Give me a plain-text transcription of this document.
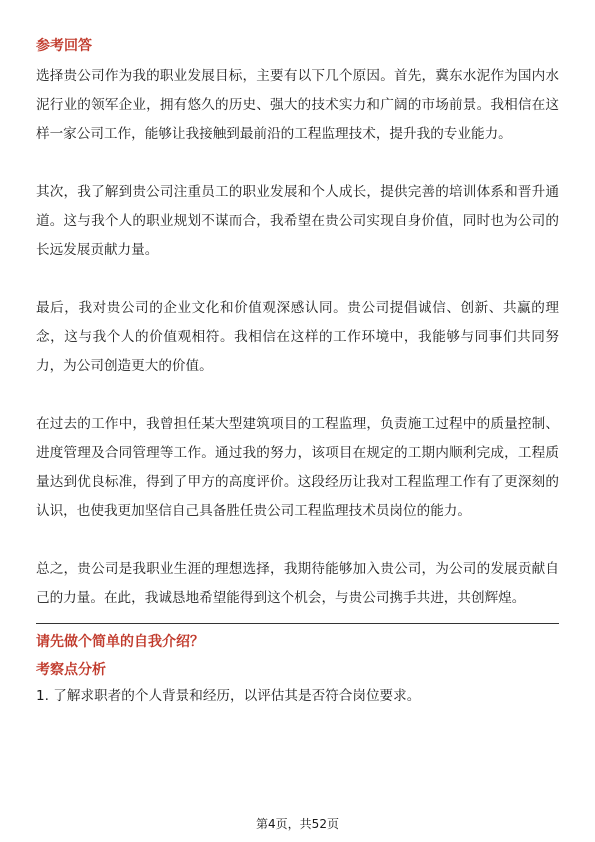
参考回答

选择贵公司作为我的职业发展目标，主要有以下几个原因。首先，冀东水泥作为国内水泥行业的领军企业，拥有悠久的历史、强大的技术实力和广阔的市场前景。我相信在这样一家公司工作，能够让我接触到最前沿的工程监理技术，提升我的专业能力。

其次，我了解到贵公司注重员工的职业发展和个人成长，提供完善的培训体系和晋升通道。这与我个人的职业规划不谋而合，我希望在贵公司实现自身价值，同时也为公司的长远发展贡献力量。

最后，我对贵公司的企业文化和价值观深感认同。贵公司提倡诚信、创新、共赢的理念，这与我个人的价值观相符。我相信在这样的工作环境中，我能够与同事们共同努力，为公司创造更大的价值。

在过去的工作中，我曾担任某大型建筑项目的工程监理，负责施工过程中的质量控制、进度管理及合同管理等工作。通过我的努力，该项目在规定的工期内顺利完成，工程质量达到优良标准，得到了甲方的高度评价。这段经历让我对工程监理工作有了更深刻的认识，也使我更加坚信自己具备胜任贵公司工程监理技术员岗位的能力。

总之，贵公司是我职业生涯的理想选择，我期待能够加入贵公司，为公司的发展贡献自己的力量。在此，我诚恳地希望能得到这个机会，与贵公司携手共进，共创辉煌。

请先做个简单的自我介绍？

考察点分析

1. 了解求职者的个人背景和经历，以评估其是否符合岗位要求。

第4页，共52页
